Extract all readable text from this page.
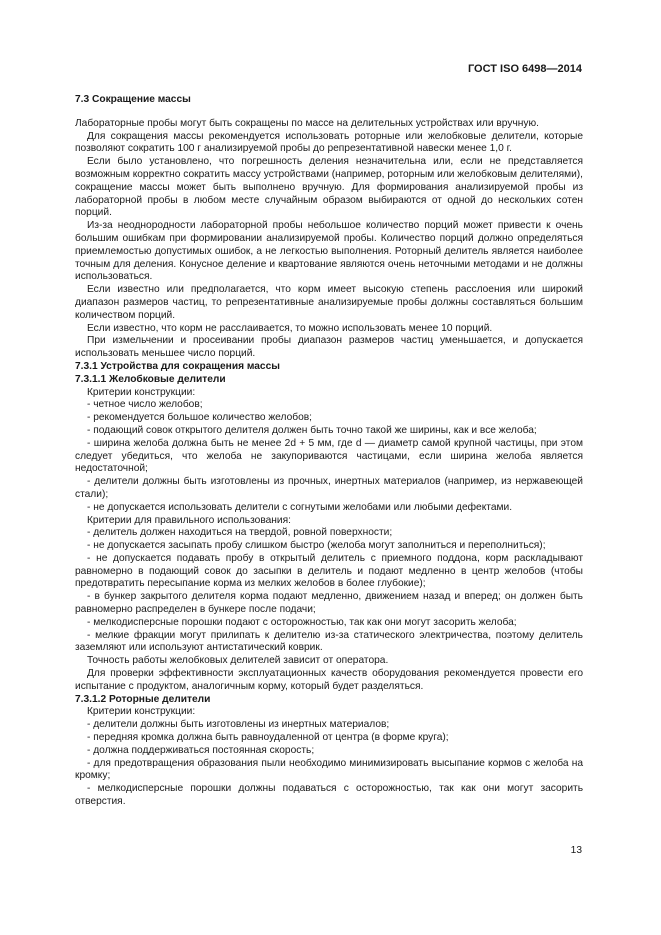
ГОСТ ISO 6498—2014

7.3 Сокращение массы

Лабораторные пробы могут быть сокращены по массе на делительных устройствах или вручную.

Для сокращения массы рекомендуется использовать роторные или желобковые делители, которые позволяют сократить 100 г анализируемой пробы до репрезентативной навески менее 1,0 г.

Если было установлено, что погрешность деления незначительна или, если не представляется возможным корректно сократить массу устройствами (например, роторным или желобковым делителями), сокращение массы может быть выполнено вручную. Для формирования анализируемой пробы из лабораторной пробы в любом месте случайным образом выбираются от одной до нескольких сотен порций.

Из-за неоднородности лабораторной пробы небольшое количество порций может привести к очень большим ошибкам при формировании анализируемой пробы. Количество порций должно определяться приемлемостью допустимых ошибок, а не легкостью выполнения. Роторный делитель является наиболее точным для деления. Конусное деление и квартование являются очень неточными методами и не должны использоваться.

Если известно или предполагается, что корм имеет высокую степень расслоения или широкий диапазон размеров частиц, то репрезентативные анализируемые пробы должны составляться большим количеством порций.

Если известно, что корм не расслаивается, то можно использовать менее 10 порций.

При измельчении и просеивании пробы диапазон размеров частиц уменьшается, и допускается использовать меньшее число порций.

7.3.1 Устройства для сокращения массы

7.3.1.1 Желобковые делители

Критерии конструкции:

- четное число желобов;

- рекомендуется большое количество желобов;

- подающий совок открытого делителя должен быть точно такой же ширины, как и все желоба;

- ширина желоба должна быть не менее 2d + 5 мм, где d — диаметр самой крупной частицы, при этом следует убедиться, что желоба не закупориваются частицами, если ширина желоба является недостаточной;

- делители должны быть изготовлены из прочных, инертных материалов (например, из нержавеющей стали);

- не допускается использовать делители с согнутыми желобами или любыми дефектами.

Критерии для правильного использования:

- делитель должен находиться на твердой, ровной поверхности;

- не допускается засыпать пробу слишком быстро (желоба могут заполниться и переполниться);

- не допускается подавать пробу в открытый делитель с приемного поддона, корм раскладывают равномерно в подающий совок до засыпки в делитель и подают медленно в центр желобов (чтобы предотвратить пересыпание корма из мелких желобов в более глубокие);

- в бункер закрытого делителя корма подают медленно, движением назад и вперед; он должен быть равномерно распределен в бункере после подачи;

- мелкодисперсные порошки подают с осторожностью, так как они могут засорить желоба;

- мелкие фракции могут прилипать к делителю из-за статического электричества, поэтому делитель заземляют или используют антистатический коврик.

Точность работы желобковых делителей зависит от оператора.

Для проверки эффективности эксплуатационных качеств оборудования рекомендуется провести его испытание с продуктом, аналогичным корму, который будет разделяться.

7.3.1.2 Роторные делители

Критерии конструкции:

- делители должны быть изготовлены из инертных материалов;

- передняя кромка должна быть равноудаленной от центра (в форме круга);

- должна поддерживаться постоянная скорость;

- для предотвращения образования пыли необходимо минимизировать высыпание кормов с желоба на кромку;

- мелкодисперсные порошки должны подаваться с осторожностью, так как они могут засорить отверстия.

13
